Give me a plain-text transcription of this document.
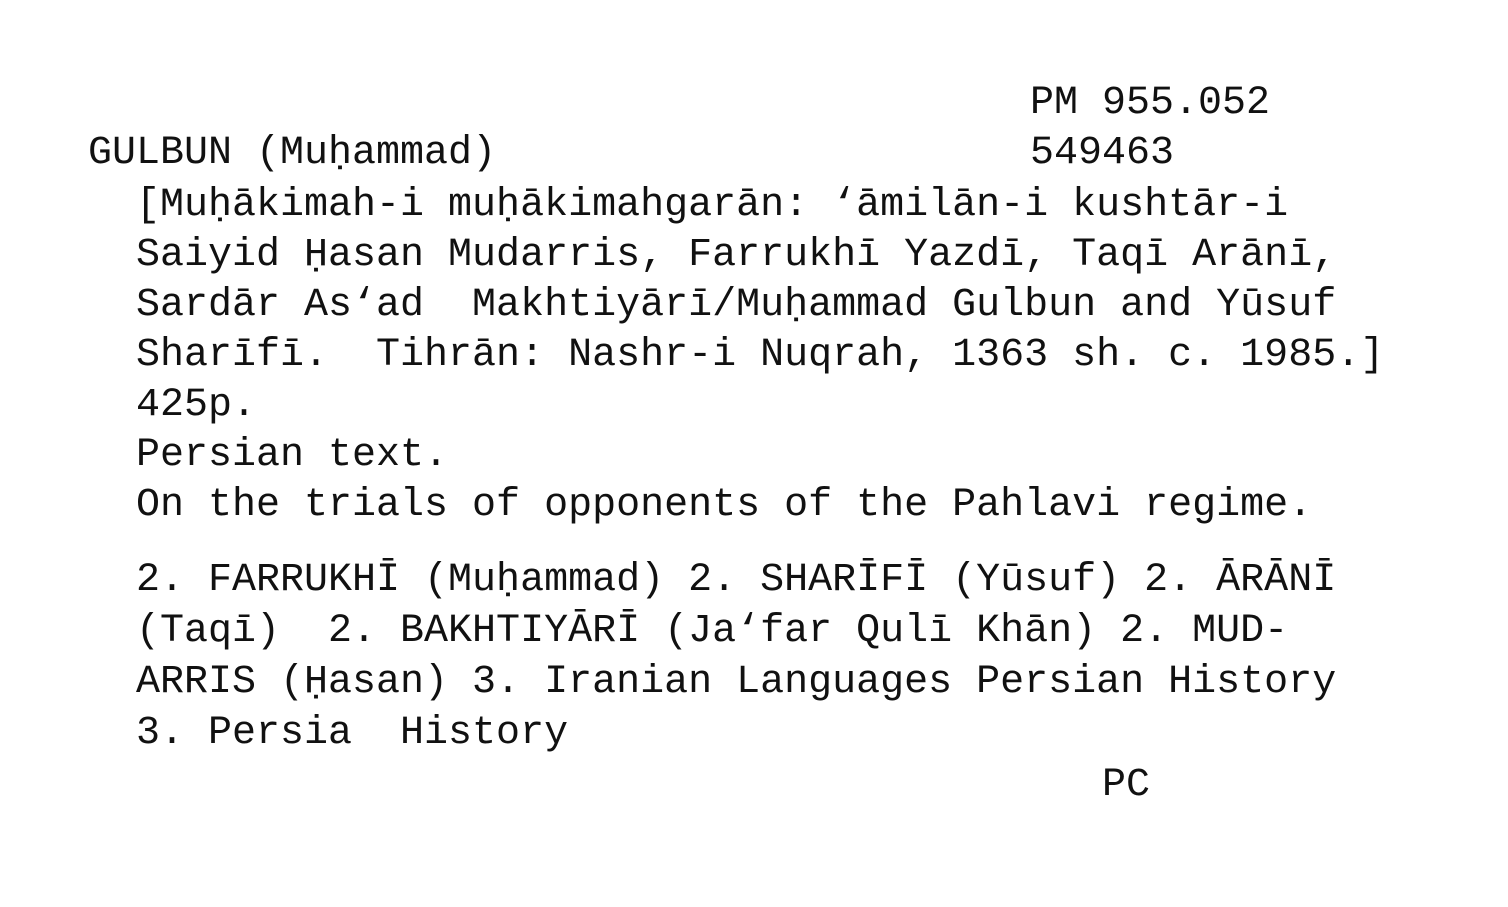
PM 955.052
549463
GULBUN (Muḥammad)
[Muḥākimah-i muḥākimahgarān: ‘āmilān-i kushtār-i
Saiyid Ḥasan Mudarris, Farrukhī Yazdī, Taqī Arānī,
Sardār As‘ad  Makhtiyārī/Muḥammad Gulbun and Yūsuf
Sharīfī.  Tihrān: Nashr-i Nuqrah, 1363 sh. c. 1985.]
425p.
Persian text.
On the trials of opponents of the Pahlavi regime.
2. FARRUKHĪ (Muḥammad) 2. SHARĪFĪ (Yūsuf) 2. ĀRĀNĪ
(Taqī)  2. BAKHTIYĀRĪ (Ja‘far Qulī Khān) 2. MUD-
ARRIS (Ḥasan) 3. Iranian Languages Persian History
3. Persia  History
PC
